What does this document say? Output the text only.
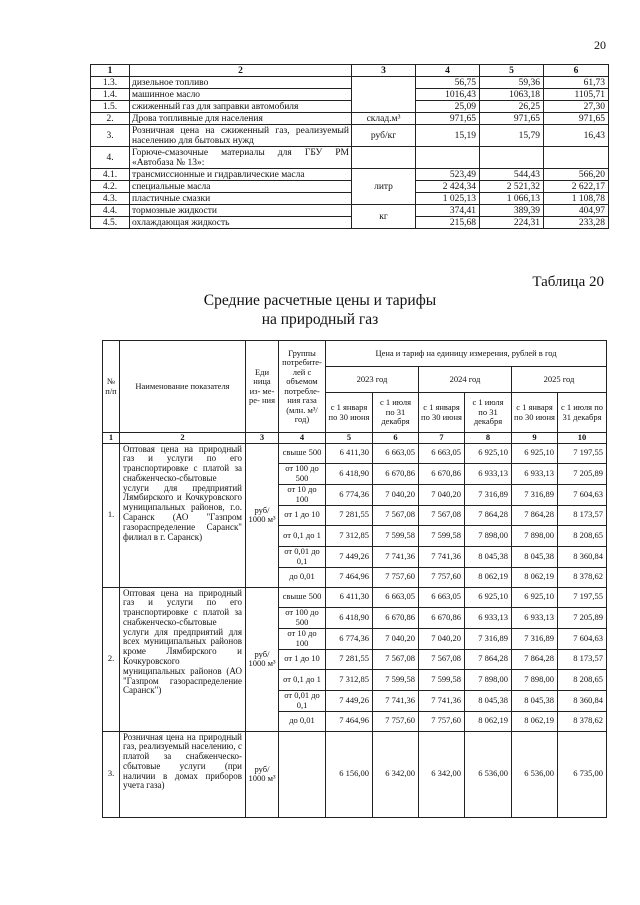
20
1	2	3	4	5	6
1.3.	дизельное топливо		56,75	59,36	61,73
1.4.	машинное масло		1016,43	1063,18	1105,71
1.5.	сжиженный газ для заправки автомобиля		25,09	26,25	27,30
2.	Дрова топливные для населения	склад.м³	971,65	971,65	971,65
3.	Розничная цена на сжиженный газ, реализуемый населению для бытовых нужд	руб/кг	15,19	15,79	16,43
4.	Горюче-смазочные материалы для ГБУ РМ «Автобаза № 13»:				
4.1.	трансмиссионные и гидравлические масла	литр	523,49	544,43	566,20
4.2.	специальные масла		2 424,34	2 521,32	2 622,17
4.3.	пластичные смазки		1 025,13	1 066,13	1 108,78
4.4.	тормозные жидкости	кг	374,41	389,39	404,97
4.5.	охлаждающая жидкость		215,68	224,31	233,28
Таблица 20
Средние расчетные цены и тарифы
на природный газ
№ п/п	Наименование показателя	Еди ница из- ме- ре- ния	Группы потребите- лей с объемом потребле- ния газа (млн. м³/год)	Цена и тариф на единицу измерения, рублей в год					
				2023 год		2024 год		2025 год	
				с 1 января по 30 июня	с 1 июля по 31 декабря	с 1 января по 30 июня	с 1 июля по 31 декабря	с 1 января по 30 июня	с 1 июля по 31 декабря
1	2	3	4	5	6	7	8	9	10
1.	Оптовая цена на природный газ и услуги по его транспортировке с платой за снабженческо-сбытовые услуги для предприятий Лямбирского и Кочкуровского муниципальных районов, г.о. Саранск (АО "Газпром газораспределение Саранск" филиал в г. Саранск)	руб/ 1000 м³	свыше 500	6 411,30	6 663,05	6 663,05	6 925,10	6 925,10	7 197,55
			от 100 до 500	6 418,90	6 670,86	6 670,86	6 933,13	6 933,13	7 205,89
			от 10 до 100	6 774,36	7 040,20	7 040,20	7 316,89	7 316,89	7 604,63
			от 1 до 10	7 281,55	7 567,08	7 567,08	7 864,28	7 864,28	8 173,57
			от 0,1 до 1	7 312,85	7 599,58	7 599,58	7 898,00	7 898,00	8 208,65
			от 0,01 до 0,1	7 449,26	7 741,36	7 741,36	8 045,38	8 045,38	8 360,84
			до 0,01	7 464,96	7 757,60	7 757,60	8 062,19	8 062,19	8 378,62
2.	Оптовая цена на природный газ и услуги по его транспортировке с платой за снабженческо-сбытовые услуги для предприятий для всех муниципальных районов кроме Лямбирского и Кочкуровского муниципальных районов (АО "Газпром газораспределение Саранск")	руб/ 1000 м³	свыше 500	6 411,30	6 663,05	6 663,05	6 925,10	6 925,10	7 197,55
			от 100 до 500	6 418,90	6 670,86	6 670,86	6 933,13	6 933,13	7 205,89
			от 10 до 100	6 774,36	7 040,20	7 040,20	7 316,89	7 316,89	7 604,63
			от 1 до 10	7 281,55	7 567,08	7 567,08	7 864,28	7 864,28	8 173,57
			от 0,1 до 1	7 312,85	7 599,58	7 599,58	7 898,00	7 898,00	8 208,65
			от 0,01 до 0,1	7 449,26	7 741,36	7 741,36	8 045,38	8 045,38	8 360,84
			до 0,01	7 464,96	7 757,60	7 757,60	8 062,19	8 062,19	8 378,62
3.	Розничная цена на природный газ, реализуемый населению, с платой за снабженческо-сбытовые услуги (при наличии в домах приборов учета газа)	руб/ 1000 м³		6 156,00	6 342,00	6 342,00	6 536,00	6 536,00	6 735,00
